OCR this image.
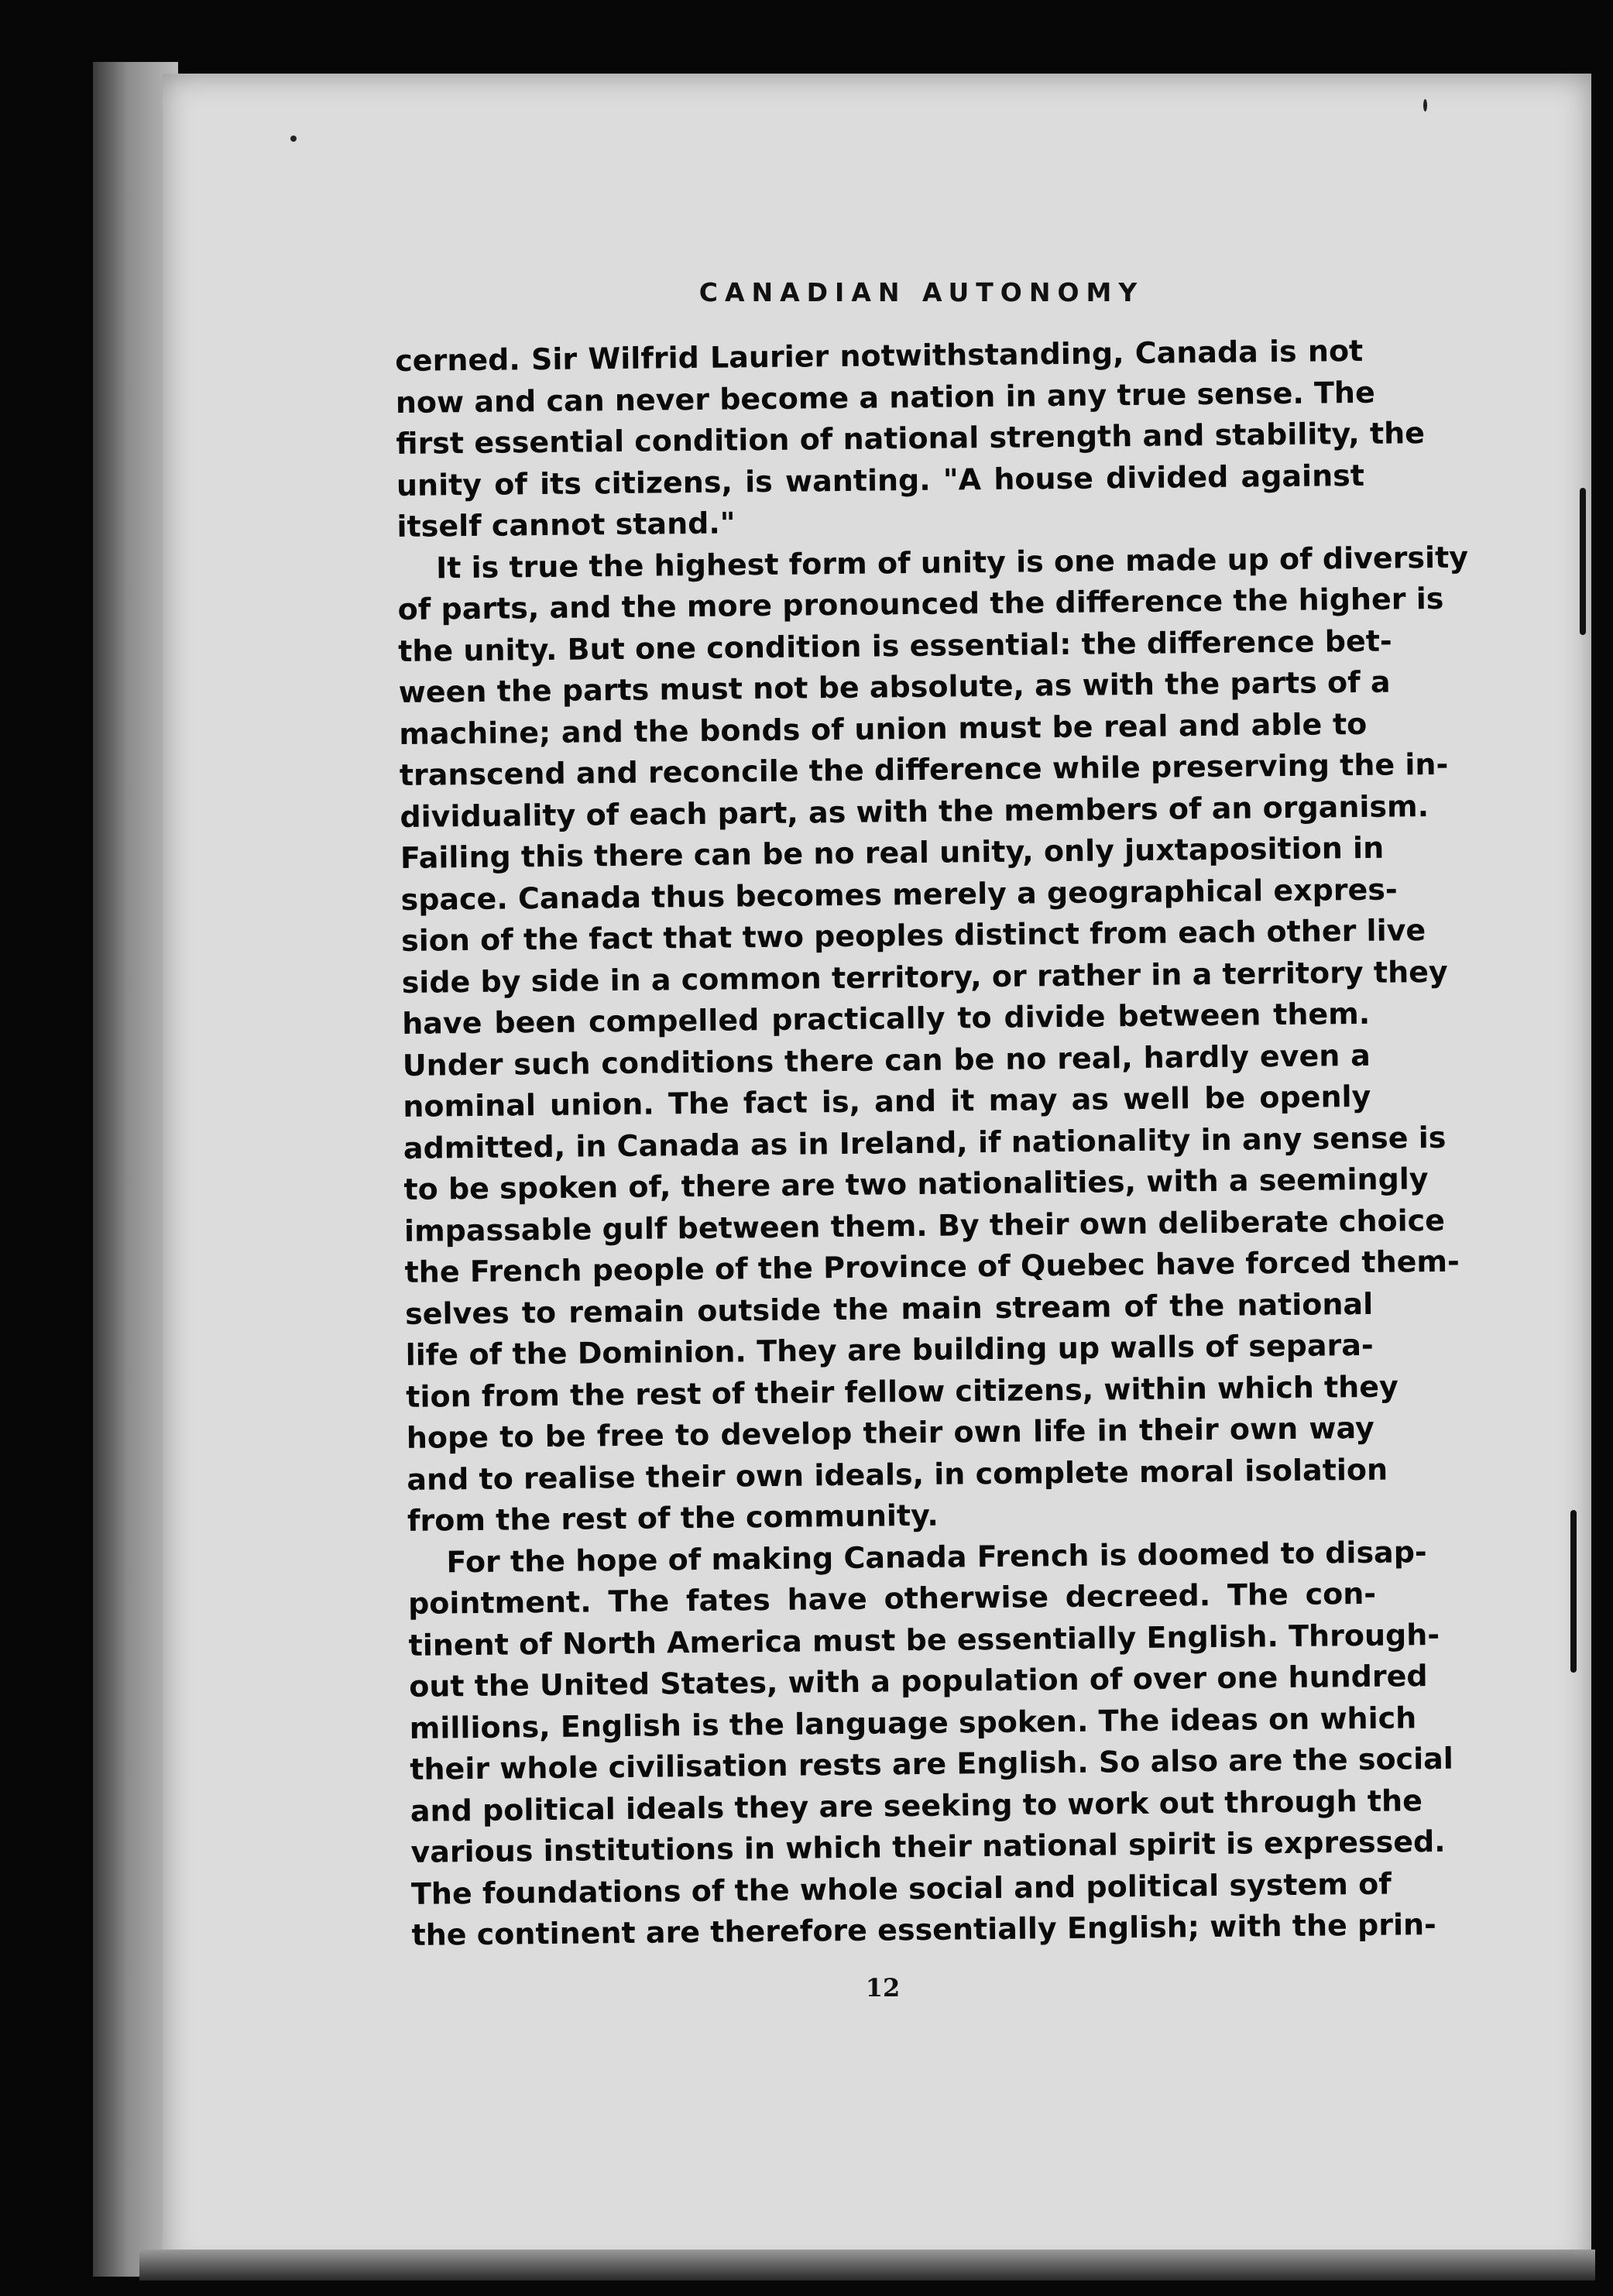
CANADIAN AUTONOMY

cerned. Sir Wilfrid Laurier notwithstanding, Canada is not
now and can never become a nation in any true sense. The
first essential condition of national strength and stability, the
unity of its citizens, is wanting. "A house divided against
itself cannot stand."

It is true the highest form of unity is one made up of diversity
of parts, and the more pronounced the difference the higher is
the unity. But one condition is essential: the difference bet-
ween the parts must not be absolute, as with the parts of a
machine; and the bonds of union must be real and able to
transcend and reconcile the difference while preserving the in-
dividuality of each part, as with the members of an organism.
Failing this there can be no real unity, only juxtaposition in
space. Canada thus becomes merely a geographical expres-
sion of the fact that two peoples distinct from each other live
side by side in a common territory, or rather in a territory they
have been compelled practically to divide between them.
Under such conditions there can be no real, hardly even a
nominal union. The fact is, and it may as well be openly
admitted, in Canada as in Ireland, if nationality in any sense is
to be spoken of, there are two nationalities, with a seemingly
impassable gulf between them. By their own deliberate choice
the French people of the Province of Quebec have forced them-
selves to remain outside the main stream of the national
life of the Dominion. They are building up walls of separa-
tion from the rest of their fellow citizens, within which they
hope to be free to develop their own life in their own way
and to realise their own ideals, in complete moral isolation
from the rest of the community.

For the hope of making Canada French is doomed to disap-
pointment. The fates have otherwise decreed. The con-
tinent of North America must be essentially English. Through-
out the United States, with a population of over one hundred
millions, English is the language spoken. The ideas on which
their whole civilisation rests are English. So also are the social
and political ideals they are seeking to work out through the
various institutions in which their national spirit is expressed.
The foundations of the whole social and political system of
the continent are therefore essentially English; with the prin-

12
